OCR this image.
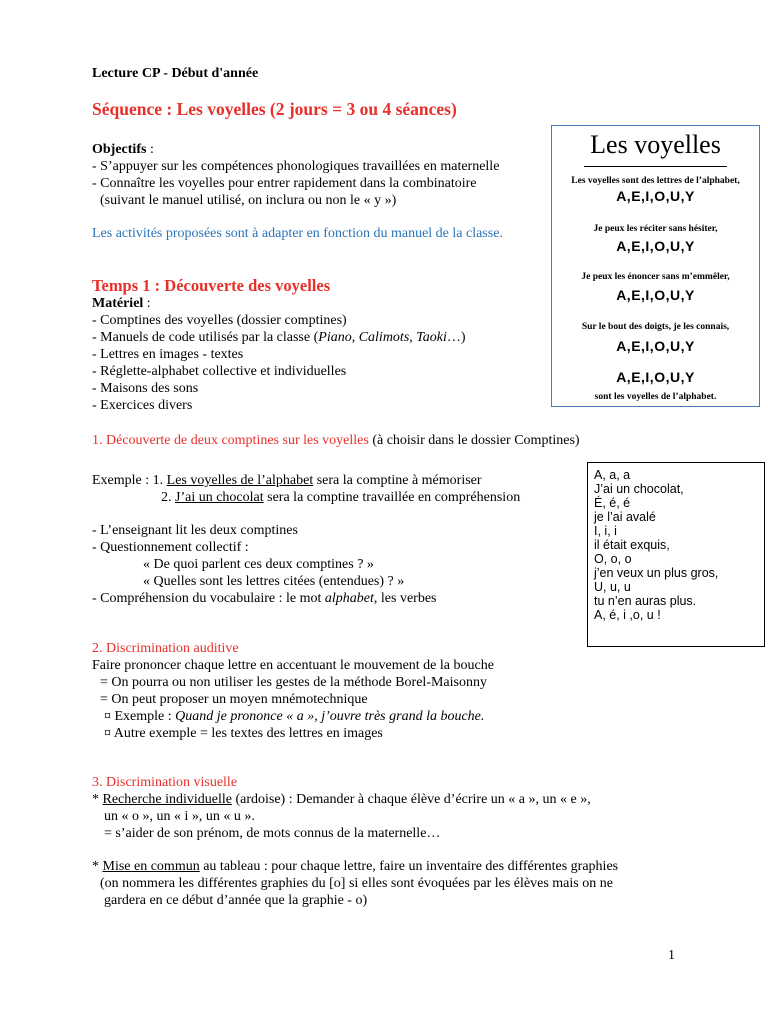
Lecture CP - Début d'année
Séquence : Les voyelles (2 jours = 3 ou 4 séances)
Objectifs :
- S’appuyer sur les compétences phonologiques travaillées en maternelle
- Connaître les voyelles pour entrer rapidement dans la combinatoire
(suivant le manuel utilisé, on inclura ou non le « y »)
Les activités proposées sont à adapter en fonction du manuel de la classe.
Temps 1 : Découverte des voyelles
Matériel :
- Comptines des voyelles (dossier comptines)
- Manuels de code utilisés par la classe (Piano, Calimots, Taoki…)
- Lettres en images - textes
- Réglette-alphabet collective et individuelles
- Maisons des sons
- Exercices divers
1. Découverte de deux comptines sur les voyelles (à choisir dans le dossier Comptines)
Exemple : 1. Les voyelles de l’alphabet sera la comptine à mémoriser
2. J’ai un chocolat sera la comptine travaillée en compréhension
- L’enseignant lit les deux comptines
- Questionnement collectif :
« De quoi parlent ces deux comptines ? »
« Quelles sont les lettres citées (entendues) ? »
- Compréhension du vocabulaire : le mot alphabet, les verbes
2. Discrimination auditive
Faire prononcer chaque lettre en accentuant le mouvement de la bouche
= On pourra ou non utiliser les gestes de la méthode Borel-Maisonny
= On peut proposer un moyen mnémotechnique
¤ Exemple : Quand je prononce « a », j’ouvre très grand la bouche.
¤ Autre exemple = les textes des lettres en images
3. Discrimination visuelle
* Recherche individuelle (ardoise) : Demander à chaque élève d’écrire un « a », un « e »,
un « o », un « i », un « u ».
= s’aider de son prénom, de mots connus de la maternelle…
* Mise en commun au tableau : pour chaque lettre, faire un inventaire des différentes graphies
(on nommera les différentes graphies du [o] si elles sont évoquées par les élèves mais on ne
gardera en ce début d’année que la graphie - o)
Les voyelles
Les voyelles sont des lettres de l’alphabet,
A,E,I,O,U,Y
Je peux les réciter sans hésiter,
A,E,I,O,U,Y
Je peux les énoncer sans m’emmêler,
A,E,I,O,U,Y
Sur le bout des doigts, je les connais,
A,E,I,O,U,Y
A,E,I,O,U,Y
sont les voyelles de l’alphabet.
A, a, a
J’ai un chocolat,
É, é, é
je l’ai avalé
I, i, i
il était exquis,
O, o, o
j’en veux un plus gros,
U, u, u
tu n’en auras plus.
A, é, i ,o, u !
1
